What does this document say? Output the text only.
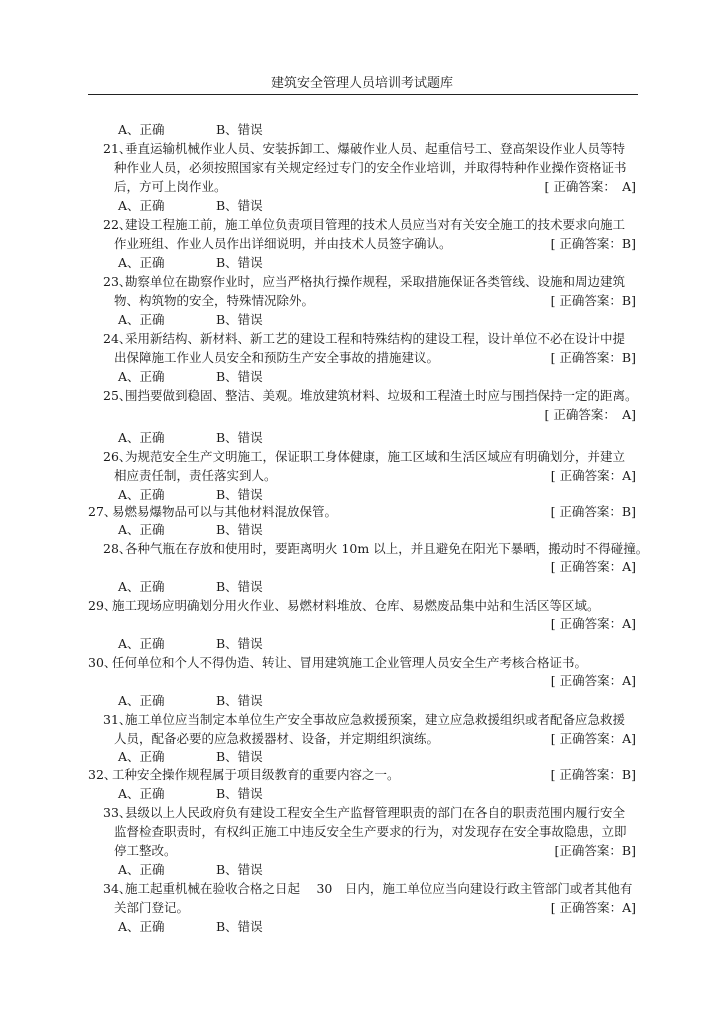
建筑安全管理人员培训考试题库
A、正确	B、错误
21、
垂直运输机械作业人员、安装拆卸工、爆破作业人员、起重信号工、登高架设作业人员等特
种作业人员，必须按照国家有关规定经过专门的安全作业培训，并取得特种作业操作资格证书
后，方可上岗作业。	[ 正确答案：　A]
A、正确	B、错误
22、
建设工程施工前，施工单位负责项目管理的技术人员应当对有关安全施工的技术要求向施工
作业班组、作业人员作出详细说明，并由技术人员签字确认。	[ 正确答案：B]
A、正确	B、错误
23、
勘察单位在勘察作业时，应当严格执行操作规程，采取措施保证各类管线、设施和周边建筑
物、构筑物的安全，特殊情况除外。	[ 正确答案：B]
A、正确	B、错误
24、
采用新结构、新材料、新工艺的建设工程和特殊结构的建设工程，设计单位不必在设计中提
出保障施工作业人员安全和预防生产安全事故的措施建议。	[ 正确答案：B]
A、正确	B、错误
25、
围挡要做到稳固、整洁、美观。堆放建筑材料、垃圾和工程渣土时应与围挡保持一定的距离。
[ 正确答案：　A]
A、正确	B、错误
26、
为规范安全生产文明施工，保证职工身体健康，施工区域和生活区域应有明确划分，并建立
相应责任制，责任落实到人。	[ 正确答案：A]
A、正确	B、错误
27、
易燃易爆物品可以与其他材料混放保管。	[ 正确答案：B]
A、正确	B、错误
28、
各种气瓶在存放和使用时，要距离明火 10m 以上，并且避免在阳光下暴晒，搬动时不得碰撞。
[ 正确答案：A]
A、正确	B、错误
29、
施工现场应明确划分用火作业、易燃材料堆放、仓库、易燃废品集中站和生活区等区域。
[ 正确答案：A]
A、正确	B、错误
30、
任何单位和个人不得伪造、转让、冒用建筑施工企业管理人员安全生产考核合格证书。
[ 正确答案：A]
A、正确	B、错误
31、
施工单位应当制定本单位生产安全事故应急救援预案，建立应急救援组织或者配备应急救援
人员，配备必要的应急救援器材、设备，并定期组织演练。	[ 正确答案：A]
A、正确	B、错误
32、
工种安全操作规程属于项目级教育的重要内容之一。	[ 正确答案：B]
A、正确	B、错误
33、
县级以上人民政府负有建设工程安全生产监督管理职责的部门在各自的职责范围内履行安全
监督检查职责时，有权纠正施工中违反安全生产要求的行为，对发现存在安全事故隐患，立即
停工整改。	[正确答案：B]
A、正确	B、错误
34、
施工起重机械在验收合格之日起　 30　日内，施工单位应当向建设行政主管部门或者其他有
关部门登记。	[ 正确答案：A]
A、正确	B、错误
